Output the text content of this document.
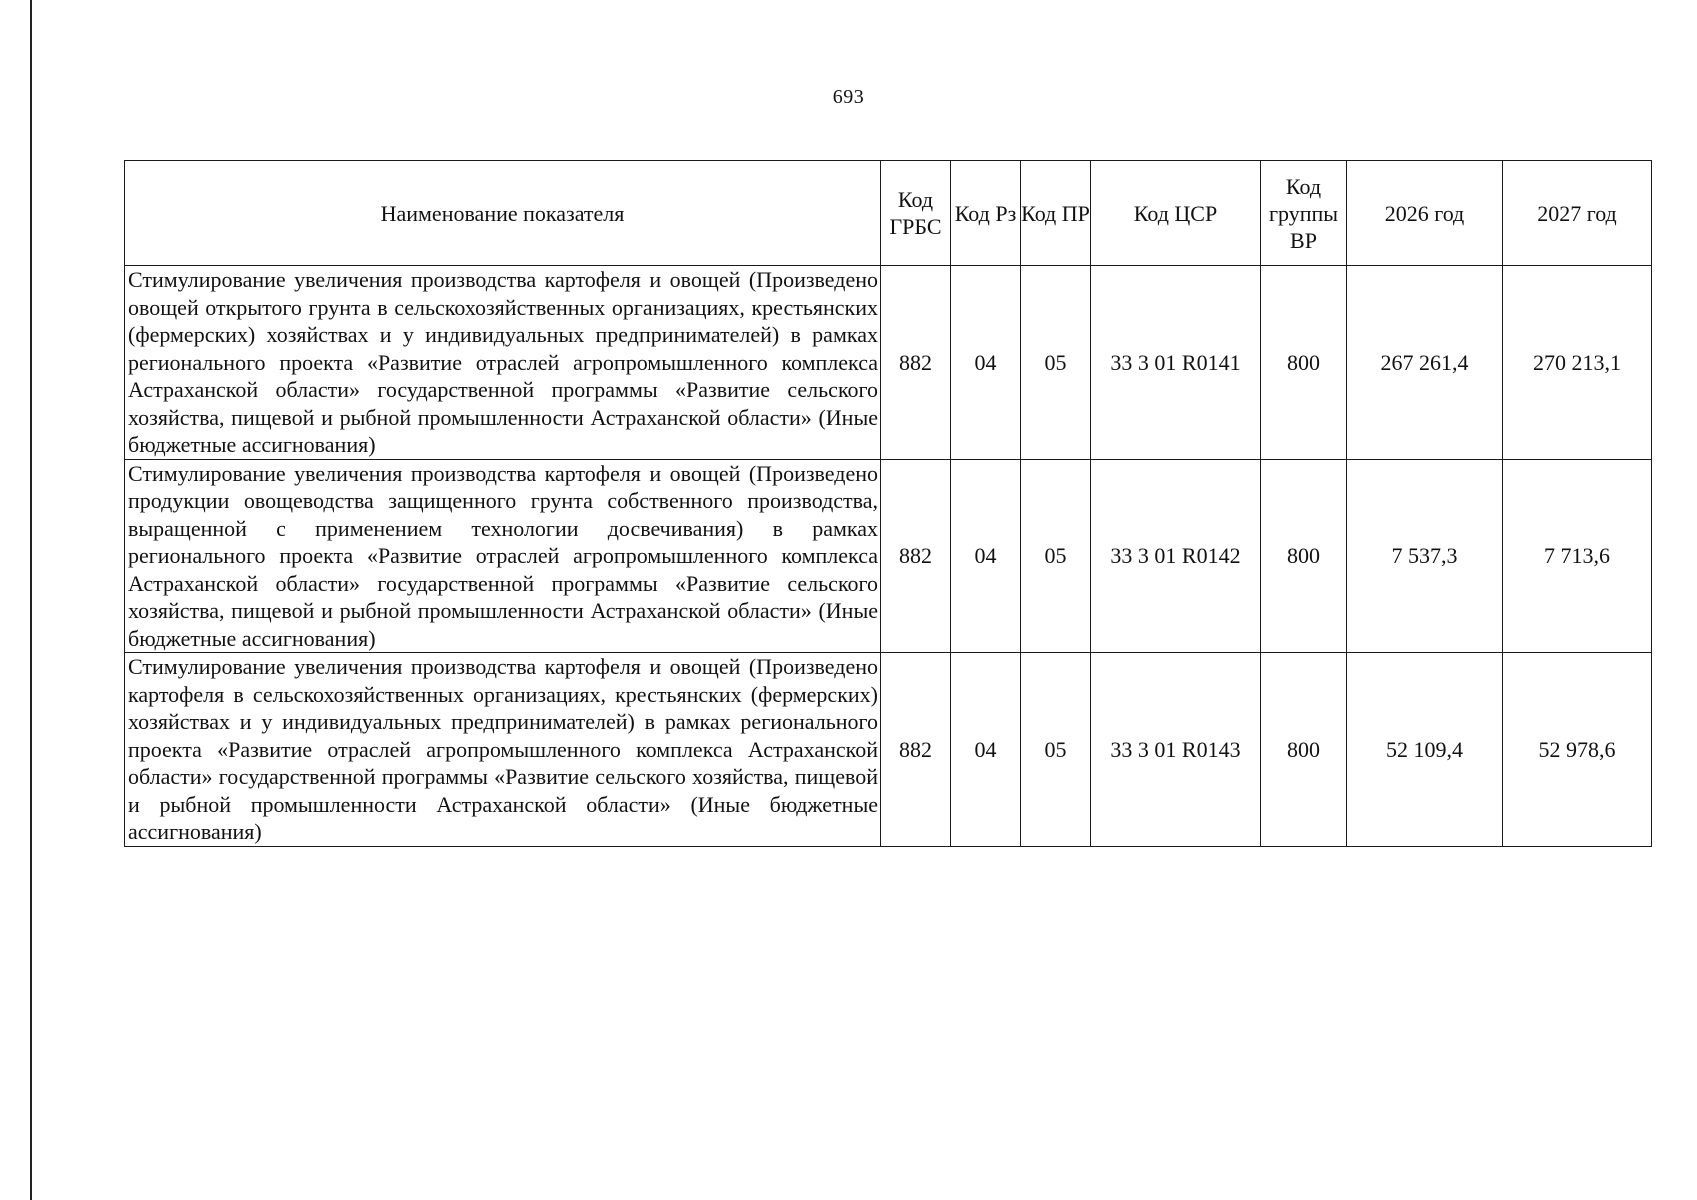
693
Наименование показателя	Код ГРБС	Код Рз	Код ПР	Код ЦСР	Код группы ВР	2026 год	2027 год
Стимулирование увеличения производства картофеля и овощей (Произведено овощей открытого грунта в сельскохозяйственных организациях, крестьянских (фермерских) хозяйствах и у индивидуальных предпринимателей) в рамках регионального проекта «Развитие отраслей агропромышленного комплекса Астраханской области» государственной программы «Развитие сельского хозяйства, пищевой и рыбной промышленности Астраханской области» (Иные бюджетные ассигнования)	882	04	05	33 3 01 R0141	800	267 261,4	270 213,1
Стимулирование увеличения производства картофеля и овощей (Произведено продукции овощеводства защищенного грунта собственного производства, выращенной с применением технологии досвечивания) в рамках регионального проекта «Развитие отраслей агропромышленного комплекса Астраханской области» государственной программы «Развитие сельского хозяйства, пищевой и рыбной промышленности Астраханской области» (Иные бюджетные ассигнования)	882	04	05	33 3 01 R0142	800	7 537,3	7 713,6
Стимулирование увеличения производства картофеля и овощей (Произведено картофеля в сельскохозяйственных организациях, крестьянских (фермерских) хозяйствах и у индивидуальных предпринимателей) в рамках регионального проекта «Развитие отраслей агропромышленного комплекса Астраханской области» государственной программы «Развитие сельского хозяйства, пищевой и рыбной промышленности Астраханской области» (Иные бюджетные ассигнования)	882	04	05	33 3 01 R0143	800	52 109,4	52 978,6
